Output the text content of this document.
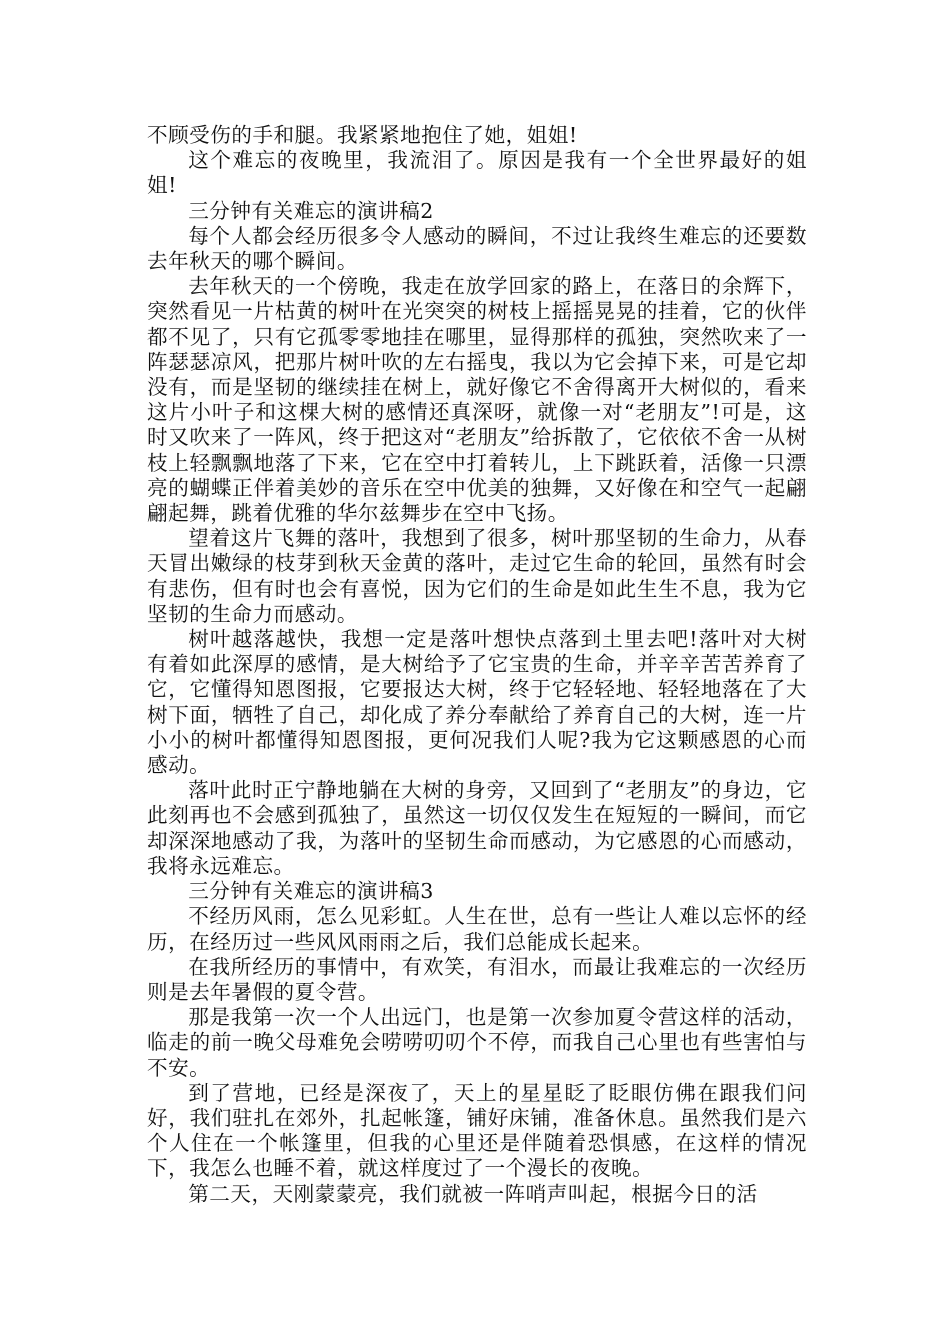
不顾受伤的手和腿。我紧紧地抱住了她，姐姐!

这个难忘的夜晚里，我流泪了。原因是我有一个全世界最好的姐姐!

三分钟有关难忘的演讲稿2

每个人都会经历很多令人感动的瞬间，不过让我终生难忘的还要数去年秋天的哪个瞬间。

去年秋天的一个傍晚，我走在放学回家的路上，在落日的余辉下，突然看见一片枯黄的树叶在光突突的树枝上摇摇晃晃的挂着，它的伙伴都不见了，只有它孤零零地挂在哪里，显得那样的孤独，突然吹来了一阵瑟瑟凉风，把那片树叶吹的左右摇曳，我以为它会掉下来，可是它却没有，而是坚韧的继续挂在树上，就好像它不舍得离开大树似的，看来这片小叶子和这棵大树的感情还真深呀，就像一对“老朋友”!可是，这时又吹来了一阵风，终于把这对“老朋友”给拆散了，它依依不舍一从树枝上轻飘飘地落了下来，它在空中打着转儿，上下跳跃着，活像一只漂亮的蝴蝶正伴着美妙的音乐在空中优美的独舞，又好像在和空气一起翩翩起舞，跳着优雅的华尔兹舞步在空中飞扬。

望着这片飞舞的落叶，我想到了很多，树叶那坚韧的生命力，从春天冒出嫩绿的枝芽到秋天金黄的落叶，走过它生命的轮回，虽然有时会有悲伤，但有时也会有喜悦，因为它们的生命是如此生生不息，我为它坚韧的生命力而感动。

树叶越落越快，我想一定是落叶想快点落到土里去吧!落叶对大树有着如此深厚的感情，是大树给予了它宝贵的生命，并辛辛苦苦养育了它，它懂得知恩图报，它要报达大树，终于它轻轻地、轻轻地落在了大树下面，牺牲了自己，却化成了养分奉献给了养育自己的大树，连一片小小的树叶都懂得知恩图报，更何况我们人呢?我为它这颗感恩的心而感动。

落叶此时正宁静地躺在大树的身旁，又回到了“老朋友”的身边，它此刻再也不会感到孤独了，虽然这一切仅仅发生在短短的一瞬间，而它却深深地感动了我，为落叶的坚韧生命而感动，为它感恩的心而感动，我将永远难忘。

三分钟有关难忘的演讲稿3

不经历风雨，怎么见彩虹。人生在世，总有一些让人难以忘怀的经历，在经历过一些风风雨雨之后，我们总能成长起来。

在我所经历的事情中，有欢笑，有泪水，而最让我难忘的一次经历则是去年暑假的夏令营。

那是我第一次一个人出远门，也是第一次参加夏令营这样的活动，临走的前一晚父母难免会唠唠叨叨个不停，而我自己心里也有些害怕与不安。

到了营地，已经是深夜了，天上的星星眨了眨眼仿佛在跟我们问好，我们驻扎在郊外，扎起帐篷，铺好床铺，准备休息。虽然我们是六个人住在一个帐篷里，但我的心里还是伴随着恐惧感，在这样的情况下，我怎么也睡不着，就这样度过了一个漫长的夜晚。

第二天，天刚蒙蒙亮，我们就被一阵哨声叫起，根据今日的活
